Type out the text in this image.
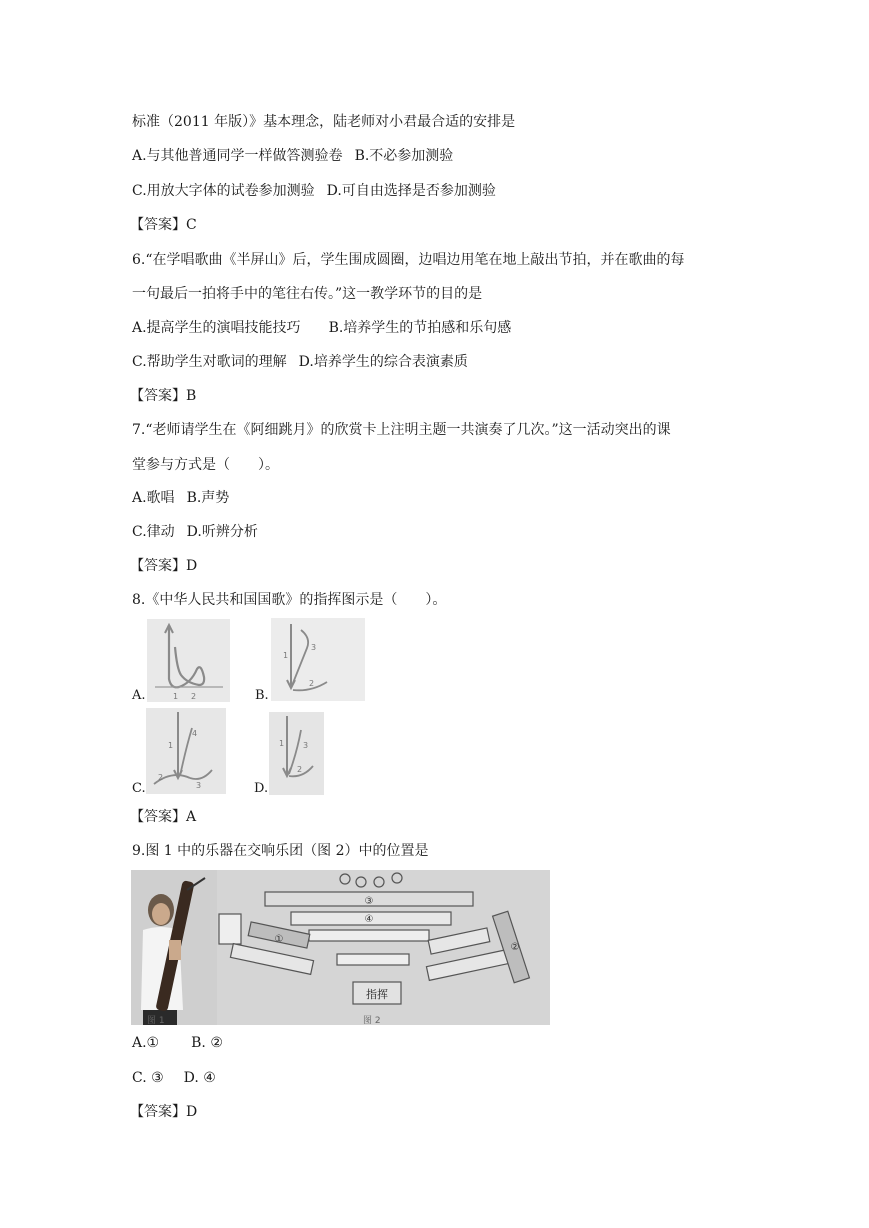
标准（2011 年版）》基本理念，陆老师对小君最合适的安排是
A.与其他普通同学一样做答测验卷 B.不必参加测验
C.用放大字体的试卷参加测验 D.可自由选择是否参加测验
【答案】C
6.“在学唱歌曲《半屏山》后，学生围成圆圈，边唱边用笔在地上敲出节拍，并在歌曲的每
一句最后一拍将手中的笔往右传。”这一教学环节的目的是
A.提高学生的演唱技能技巧 B.培养学生的节拍感和乐句感
C.帮助学生对歌词的理解 D.培养学生的综合表演素质
【答案】B
7.“老师请学生在《阿细跳月》的欣赏卡上注明主题一共演奏了几次。”这一活动突出的课
堂参与方式是（　　）。
A.歌唱 B.声势
C.律动 D.听辨分析
【答案】D
8.《中华人民共和国国歌》的指挥图示是（　　）。
A.	1 2	B.
1
3
2
C.
1
4
2
3	D.
1
2
3
【答案】A
9.图 1 中的乐器在交响乐团（图 2）中的位置是
③
④
①
②
指挥
图 1	图 2
A.① B. ②
C. ③ D. ④
【答案】D
